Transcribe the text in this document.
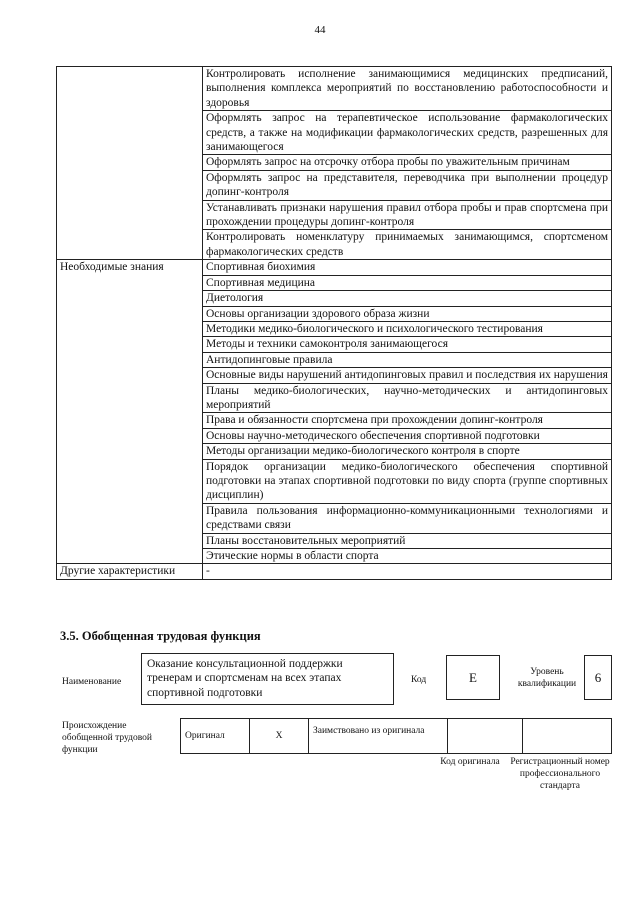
44
	Контролировать исполнение занимающимися медицинских предписаний, выполнения комплекса мероприятий по восстановлению работоспособности и здоровья
	Оформлять запрос на терапевтическое использование фармакологических средств, а также на модификации фармакологических средств, разрешенных для занимающегося
	Оформлять запрос на отсрочку отбора пробы по уважительным причинам
	Оформлять запрос на представителя, переводчика при выполнении процедур допинг-контроля
	Устанавливать признаки нарушения правил отбора пробы и прав спортсмена при прохождении процедуры допинг-контроля
	Контролировать номенклатуру принимаемых занимающимся, спортсменом фармакологических средств
Необходимые знания	Спортивная биохимия
	Спортивная медицина
	Диетология
	Основы организации здорового образа жизни
	Методики медико-биологического и психологического тестирования
	Методы и техники самоконтроля занимающегося
	Антидопинговые правила
	Основные виды нарушений антидопинговых правил и последствия их нарушения
	Планы медико-биологических, научно-методических и антидопинговых мероприятий
	Права и обязанности спортсмена при прохождении допинг-контроля
	Основы научно-методического обеспечения спортивной подготовки
	Методы организации медико-биологического контроля в спорте
	Порядок организации медико-биологического обеспечения спортивной подготовки на этапах спортивной подготовки по виду спорта (группе спортивных дисциплин)
	Правила пользования информационно-коммуникационными технологиями и средствами связи
	Планы восстановительных мероприятий
	Этические нормы в области спорта
Другие характеристики	-
3.5. Обобщенная трудовая функция
Наименование
Оказание консультационной поддержки тренерам и спортсменам на всех этапах спортивной подготовки
Код	Е	Уровень квалификации	6
Происхождение обобщенной трудовой функции
Оригинал	Х	Заимствовано из оригинала		
Код оригинала	Регистрационный номер профессионального стандарта
